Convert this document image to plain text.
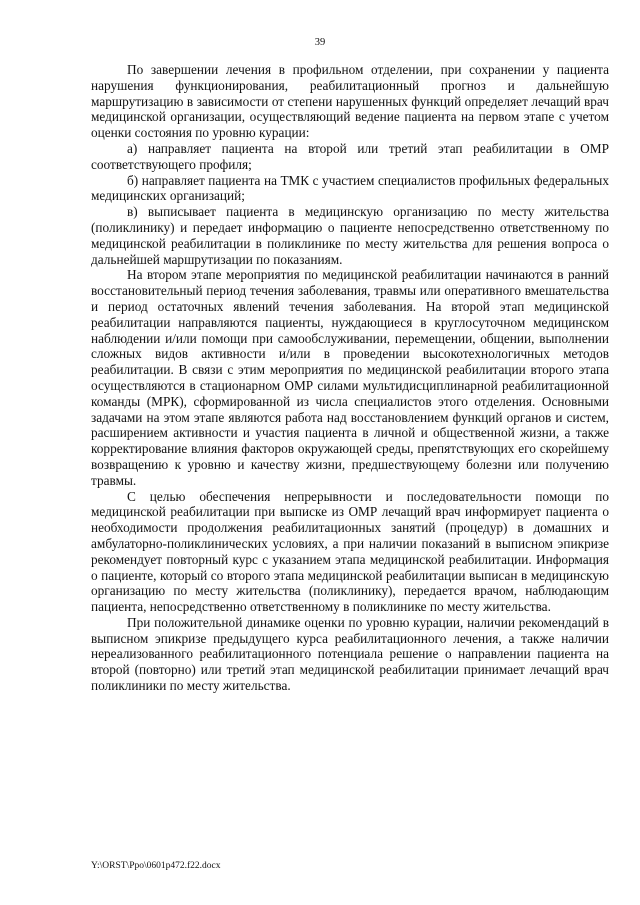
39

По завершении лечения в профильном отделении, при сохранении у пациента нарушения функционирования, реабилитационный прогноз и дальнейшую маршрутизацию в зависимости от степени нарушенных функций определяет лечащий врач медицинской организации, осуществляющий ведение пациента на первом этапе с учетом оценки состояния по уровню курации:

а) направляет пациента на второй или третий этап реабилитации в ОМР соответствующего профиля;

б) направляет пациента на ТМК с участием специалистов профильных федеральных медицинских организаций;

в) выписывает пациента в медицинскую организацию по месту жительства (поликлинику) и передает информацию о пациенте непосредственно ответственному по медицинской реабилитации в поликлинике по месту жительства для решения вопроса о дальнейшей маршрутизации по показаниям.

На втором этапе мероприятия по медицинской реабилитации начинаются в ранний восстановительный период течения заболевания, травмы или оперативного вмешательства и период остаточных явлений течения заболевания. На второй этап медицинской реабилитации направляются пациенты, нуждающиеся в круглосуточном медицинском наблюдении и/или помощи при самообслуживании, перемещении, общении, выполнении сложных видов активности и/или в проведении высокотехнологичных методов реабилитации. В связи с этим мероприятия по медицинской реабилитации второго этапа осуществляются в стационарном ОМР силами мультидисциплинарной реабилитационной команды (МРК), сформированной из числа специалистов этого отделения. Основными задачами на этом этапе являются работа над восстановлением функций органов и систем, расширением активности и участия пациента в личной и общественной жизни, а также корректирование влияния факторов окружающей среды, препятствующих его скорейшему возвращению к уровню и качеству жизни, предшествующему болезни или получению травмы.

С целью обеспечения непрерывности и последовательности помощи по медицинской реабилитации при выписке из ОМР лечащий врач информирует пациента о необходимости продолжения реабилитационных занятий (процедур) в домашних и амбулаторно-поликлинических условиях, а при наличии показаний в выписном эпикризе рекомендует повторный курс с указанием этапа медицинской реабилитации. Информация о пациенте, который со второго этапа медицинской реабилитации выписан в медицинскую организацию по месту жительства (поликлинику), передается врачом, наблюдающим пациента, непосредственно ответственному в поликлинике по месту жительства.

При положительной динамике оценки по уровню курации, наличии рекомендаций в выписном эпикризе предыдущего курса реабилитационного лечения, а также наличии нереализованного реабилитационного потенциала решение о направлении пациента на второй (повторно) или третий этап медицинской реабилитации принимает лечащий врач поликлиники по месту жительства.

Y:\ORST\Ppo\0601p472.f22.docx
